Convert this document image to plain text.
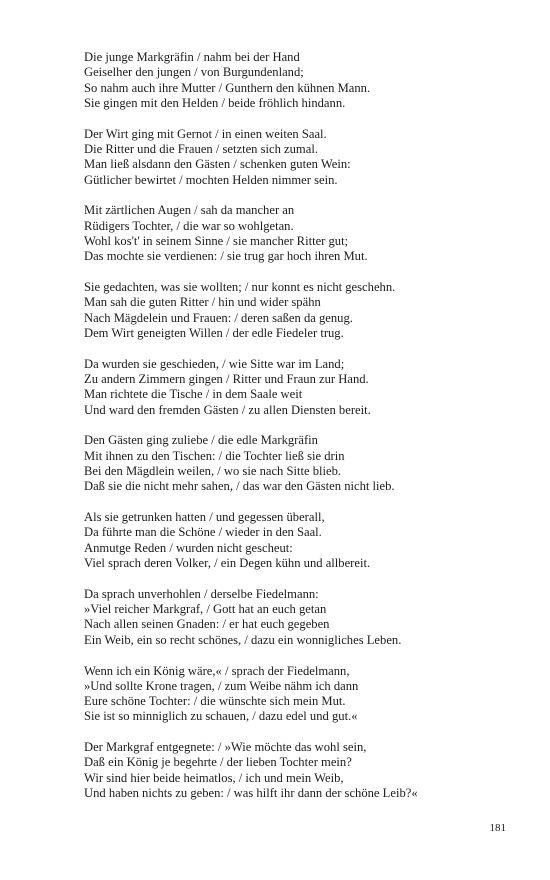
Die junge Markgräfin / nahm bei der Hand
Geiselher den jungen / von Burgundenland;
So nahm auch ihre Mutter / Gunthern den kühnen Mann.
Sie gingen mit den Helden / beide fröhlich hindann.
Der Wirt ging mit Gernot / in einen weiten Saal.
Die Ritter und die Frauen / setzten sich zumal.
Man ließ alsdann den Gästen / schenken guten Wein:
Gütlicher bewirtet / mochten Helden nimmer sein.
Mit zärtlichen Augen / sah da mancher an
Rüdigers Tochter, / die war so wohlgetan.
Wohl kos't' in seinem Sinne / sie mancher Ritter gut;
Das mochte sie verdienen: / sie trug gar hoch ihren Mut.
Sie gedachten, was sie wollten; / nur konnt es nicht geschehn.
Man sah die guten Ritter / hin und wider spähn
Nach Mägdelein und Frauen: / deren saßen da genug.
Dem Wirt geneigten Willen / der edle Fiedeler trug.
Da wurden sie geschieden, / wie Sitte war im Land;
Zu andern Zimmern gingen / Ritter und Fraun zur Hand.
Man richtete die Tische / in dem Saale weit
Und ward den fremden Gästen / zu allen Diensten bereit.
Den Gästen ging zuliebe / die edle Markgräfin
Mit ihnen zu den Tischen: / die Tochter ließ sie drin
Bei den Mägdlein weilen, / wo sie nach Sitte blieb.
Daß sie die nicht mehr sahen, / das war den Gästen nicht lieb.
Als sie getrunken hatten / und gegessen überall,
Da führte man die Schöne / wieder in den Saal.
Anmutge Reden / wurden nicht gescheut:
Viel sprach deren Volker, / ein Degen kühn und allbereit.
Da sprach unverhohlen / derselbe Fiedelmann:
»Viel reicher Markgraf, / Gott hat an euch getan
Nach allen seinen Gnaden: / er hat euch gegeben
Ein Weib, ein so recht schönes, / dazu ein wonnigliches Leben.
Wenn ich ein König wäre,« / sprach der Fiedelmann,
»Und sollte Krone tragen, / zum Weibe nähm ich dann
Eure schöne Tochter: / die wünschte sich mein Mut.
Sie ist so minniglich zu schauen, / dazu edel und gut.«
Der Markgraf entgegnete: / »Wie möchte das wohl sein,
Daß ein König je begehrte / der lieben Tochter mein?
Wir sind hier beide heimatlos, / ich und mein Weib,
Und haben nichts zu geben: / was hilft ihr dann der schöne Leib?«
181
